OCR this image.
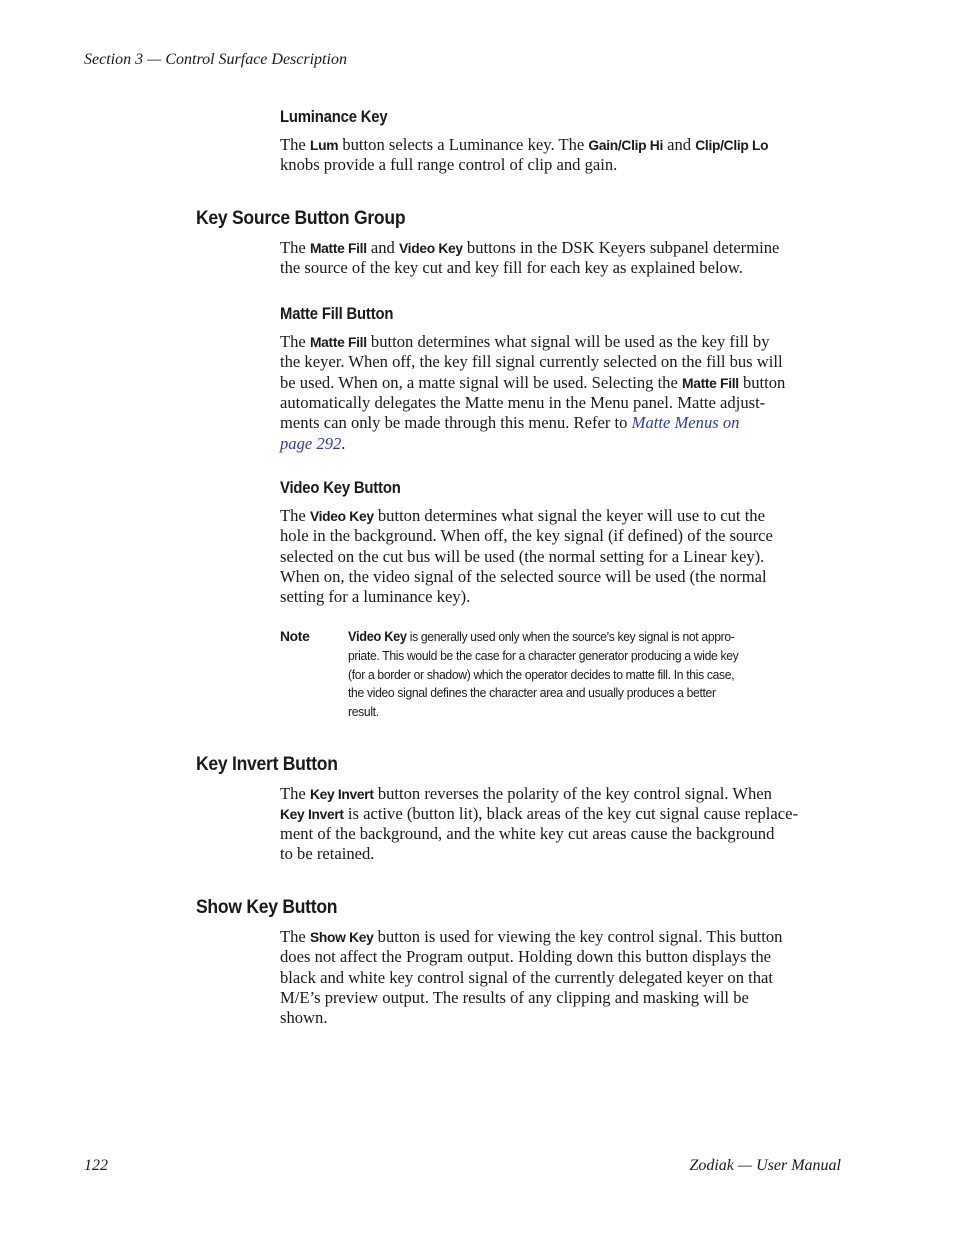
Section 3 — Control Surface Description
Luminance Key
The Lum button selects a Luminance key. The Gain/Clip Hi and Clip/Clip Lo
knobs provide a full range control of clip and gain.
Key Source Button Group
The Matte Fill and Video Key buttons in the DSK Keyers subpanel determine
the source of the key cut and key fill for each key as explained below.
Matte Fill Button
The Matte Fill button determines what signal will be used as the key fill by
the keyer. When off, the key fill signal currently selected on the fill bus will
be used. When on, a matte signal will be used. Selecting the Matte Fill button
automatically delegates the Matte menu in the Menu panel. Matte adjust-
ments can only be made through this menu. Refer to Matte Menus on
page 292.
Video Key Button
The Video Key button determines what signal the keyer will use to cut the
hole in the background. When off, the key signal (if defined) of the source
selected on the cut bus will be used (the normal setting for a Linear key).
When on, the video signal of the selected source will be used (the normal
setting for a luminance key).
Note	Video Key is generally used only when the source’s key signal is not appro-
priate. This would be the case for a character generator producing a wide key
(for a border or shadow) which the operator decides to matte fill. In this case,
the video signal defines the character area and usually produces a better
result.
Key Invert Button
The Key Invert button reverses the polarity of the key control signal. When
Key Invert is active (button lit), black areas of the key cut signal cause replace-
ment of the background, and the white key cut areas cause the background
to be retained.
Show Key Button
The Show Key button is used for viewing the key control signal. This button
does not affect the Program output. Holding down this button displays the
black and white key control signal of the currently delegated keyer on that
M/E’s preview output. The results of any clipping and masking will be
shown.
122	Zodiak — User Manual
